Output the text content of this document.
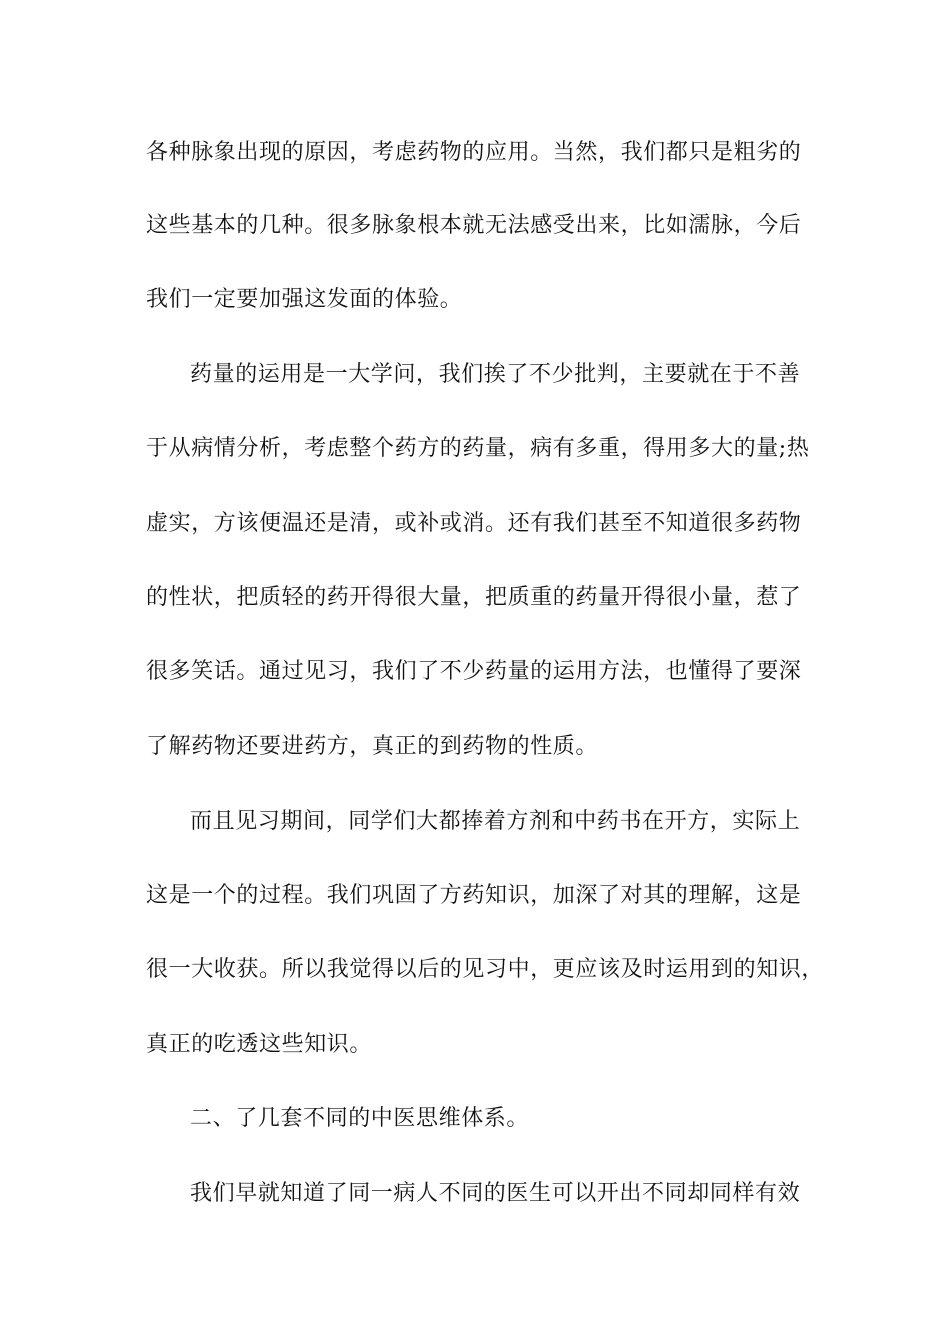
各种脉象出现的原因，考虑药物的应用。当然，我们都只是粗劣的
这些基本的几种。很多脉象根本就无法感受出来，比如濡脉，今后
我们一定要加强这发面的体验。
药量的运用是一大学问，我们挨了不少批判，主要就在于不善
于从病情分析，考虑整个药方的药量，病有多重，得用多大的量;热
虚实，方该便温还是清，或补或消。还有我们甚至不知道很多药物
的性状，把质轻的药开得很大量，把质重的药量开得很小量，惹了
很多笑话。通过见习，我们了不少药量的运用方法，也懂得了要深
了解药物还要进药方，真正的到药物的性质。
而且见习期间，同学们大都捧着方剂和中药书在开方，实际上
这是一个的过程。我们巩固了方药知识，加深了对其的理解，这是
很一大收获。所以我觉得以后的见习中，更应该及时运用到的知识，
真正的吃透这些知识。
二、了几套不同的中医思维体系。
我们早就知道了同一病人不同的医生可以开出不同却同样有效
